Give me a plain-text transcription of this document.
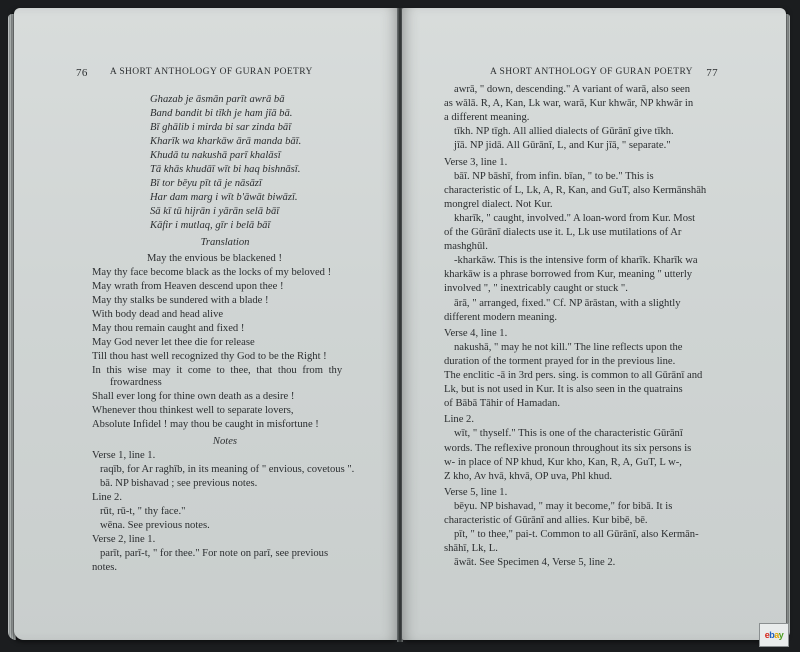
76 A SHORT ANTHOLOGY OF GURAN POETRY
Ghazab je āsmān parīt awrā bā
Band bandit bi tīkh je ham jīā bā.
Bī ghālib i mirda bi sar zinda bāī
Kharīk wa kharkāw ārā manda bāī.
Khudā tu nakushā parī khalāsī
Tā khās khudāī wīt bi haq bishnāsī.
Bī tor bēyu pīt tā je nāsāzī
Har dam marg i wīt b'āwāt biwāzī.
Sā kī tū hijrān i yārān selā bāī
Kāfir i mutlaq, gīr i belā bāī
Translation
May the envious be blackened !
May thy face become black as the locks of my beloved !
May wrath from Heaven descend upon thee !
May thy stalks be sundered with a blade !
With body dead and head alive
May thou remain caught and fixed !
May God never let thee die for release
Till thou hast well recognized thy God to be the Right !
In this wise may it come to thee, that thou from thy
frowardness
Shall ever long for thine own death as a desire !
Whenever thou thinkest well to separate lovers,
Absolute Infidel ! may thou be caught in misfortune !
Notes
Verse 1, line 1.
raqīb, for Ar raghīb, in its meaning of " envious, covetous ".
bā. NP bishavad ; see previous notes.
Line 2.
rūt, rū-t, " thy face."
wēna. See previous notes.
Verse 2, line 1.
parīt, parī-t, " for thee." For note on parī, see previous
notes.
A SHORT ANTHOLOGY OF GURAN POETRY 77
awrā, " down, descending." A variant of warā, also seen
as wālā. R, A, Kan, Lk war, warā, Kur khwār, NP khwār in
a different meaning.
tīkh. NP tīgh. All allied dialects of Gūrānī give tīkh.
jīā. NP jidā. All Gūrānī, L, and Kur jīā, " separate."
Verse 3, line 1.
bāī. NP bāshī, from infin. bīan, " to be." This is
characteristic of L, Lk, A, R, Kan, and GuT, also Kermānshāh
mongrel dialect. Not Kur.
kharīk, " caught, involved." A loan-word from Kur. Most
of the Gūrānī dialects use it. L, Lk use mutilations of Ar
mashghūl.
-kharkāw. This is the intensive form of kharīk. Kharīk wa
kharkāw is a phrase borrowed from Kur, meaning " utterly
involved ", " inextricably caught or stuck ".
ārā, " arranged, fixed." Cf. NP ārāstan, with a slightly
different modern meaning.
Verse 4, line 1.
nakushā, " may he not kill." The line reflects upon the
duration of the torment prayed for in the previous line.
The enclitic -ā in 3rd pers. sing. is common to all Gūrānī and
Lk, but is not used in Kur. It is also seen in the quatrains
of Bābā Tāhir of Hamadan.
Line 2.
wīt, " thyself." This is one of the characteristic Gūrānī
words. The reflexive pronoun throughout its six persons is
w- in place of NP khud, Kur kho, Kan, R, A, GuT, L w-,
Z kho, Av hvā, khvā, OP uva, Phl khud.
Verse 5, line 1.
bēyu. NP bishavad, " may it become," for bibā. It is
characteristic of Gūrānī and allies. Kur bibē, bē.
pīt, " to thee," pai-t. Common to all Gūrānī, also Kermān-
shāhī, Lk, L.
āwāt. See Specimen 4, Verse 5, line 2.
ebay
